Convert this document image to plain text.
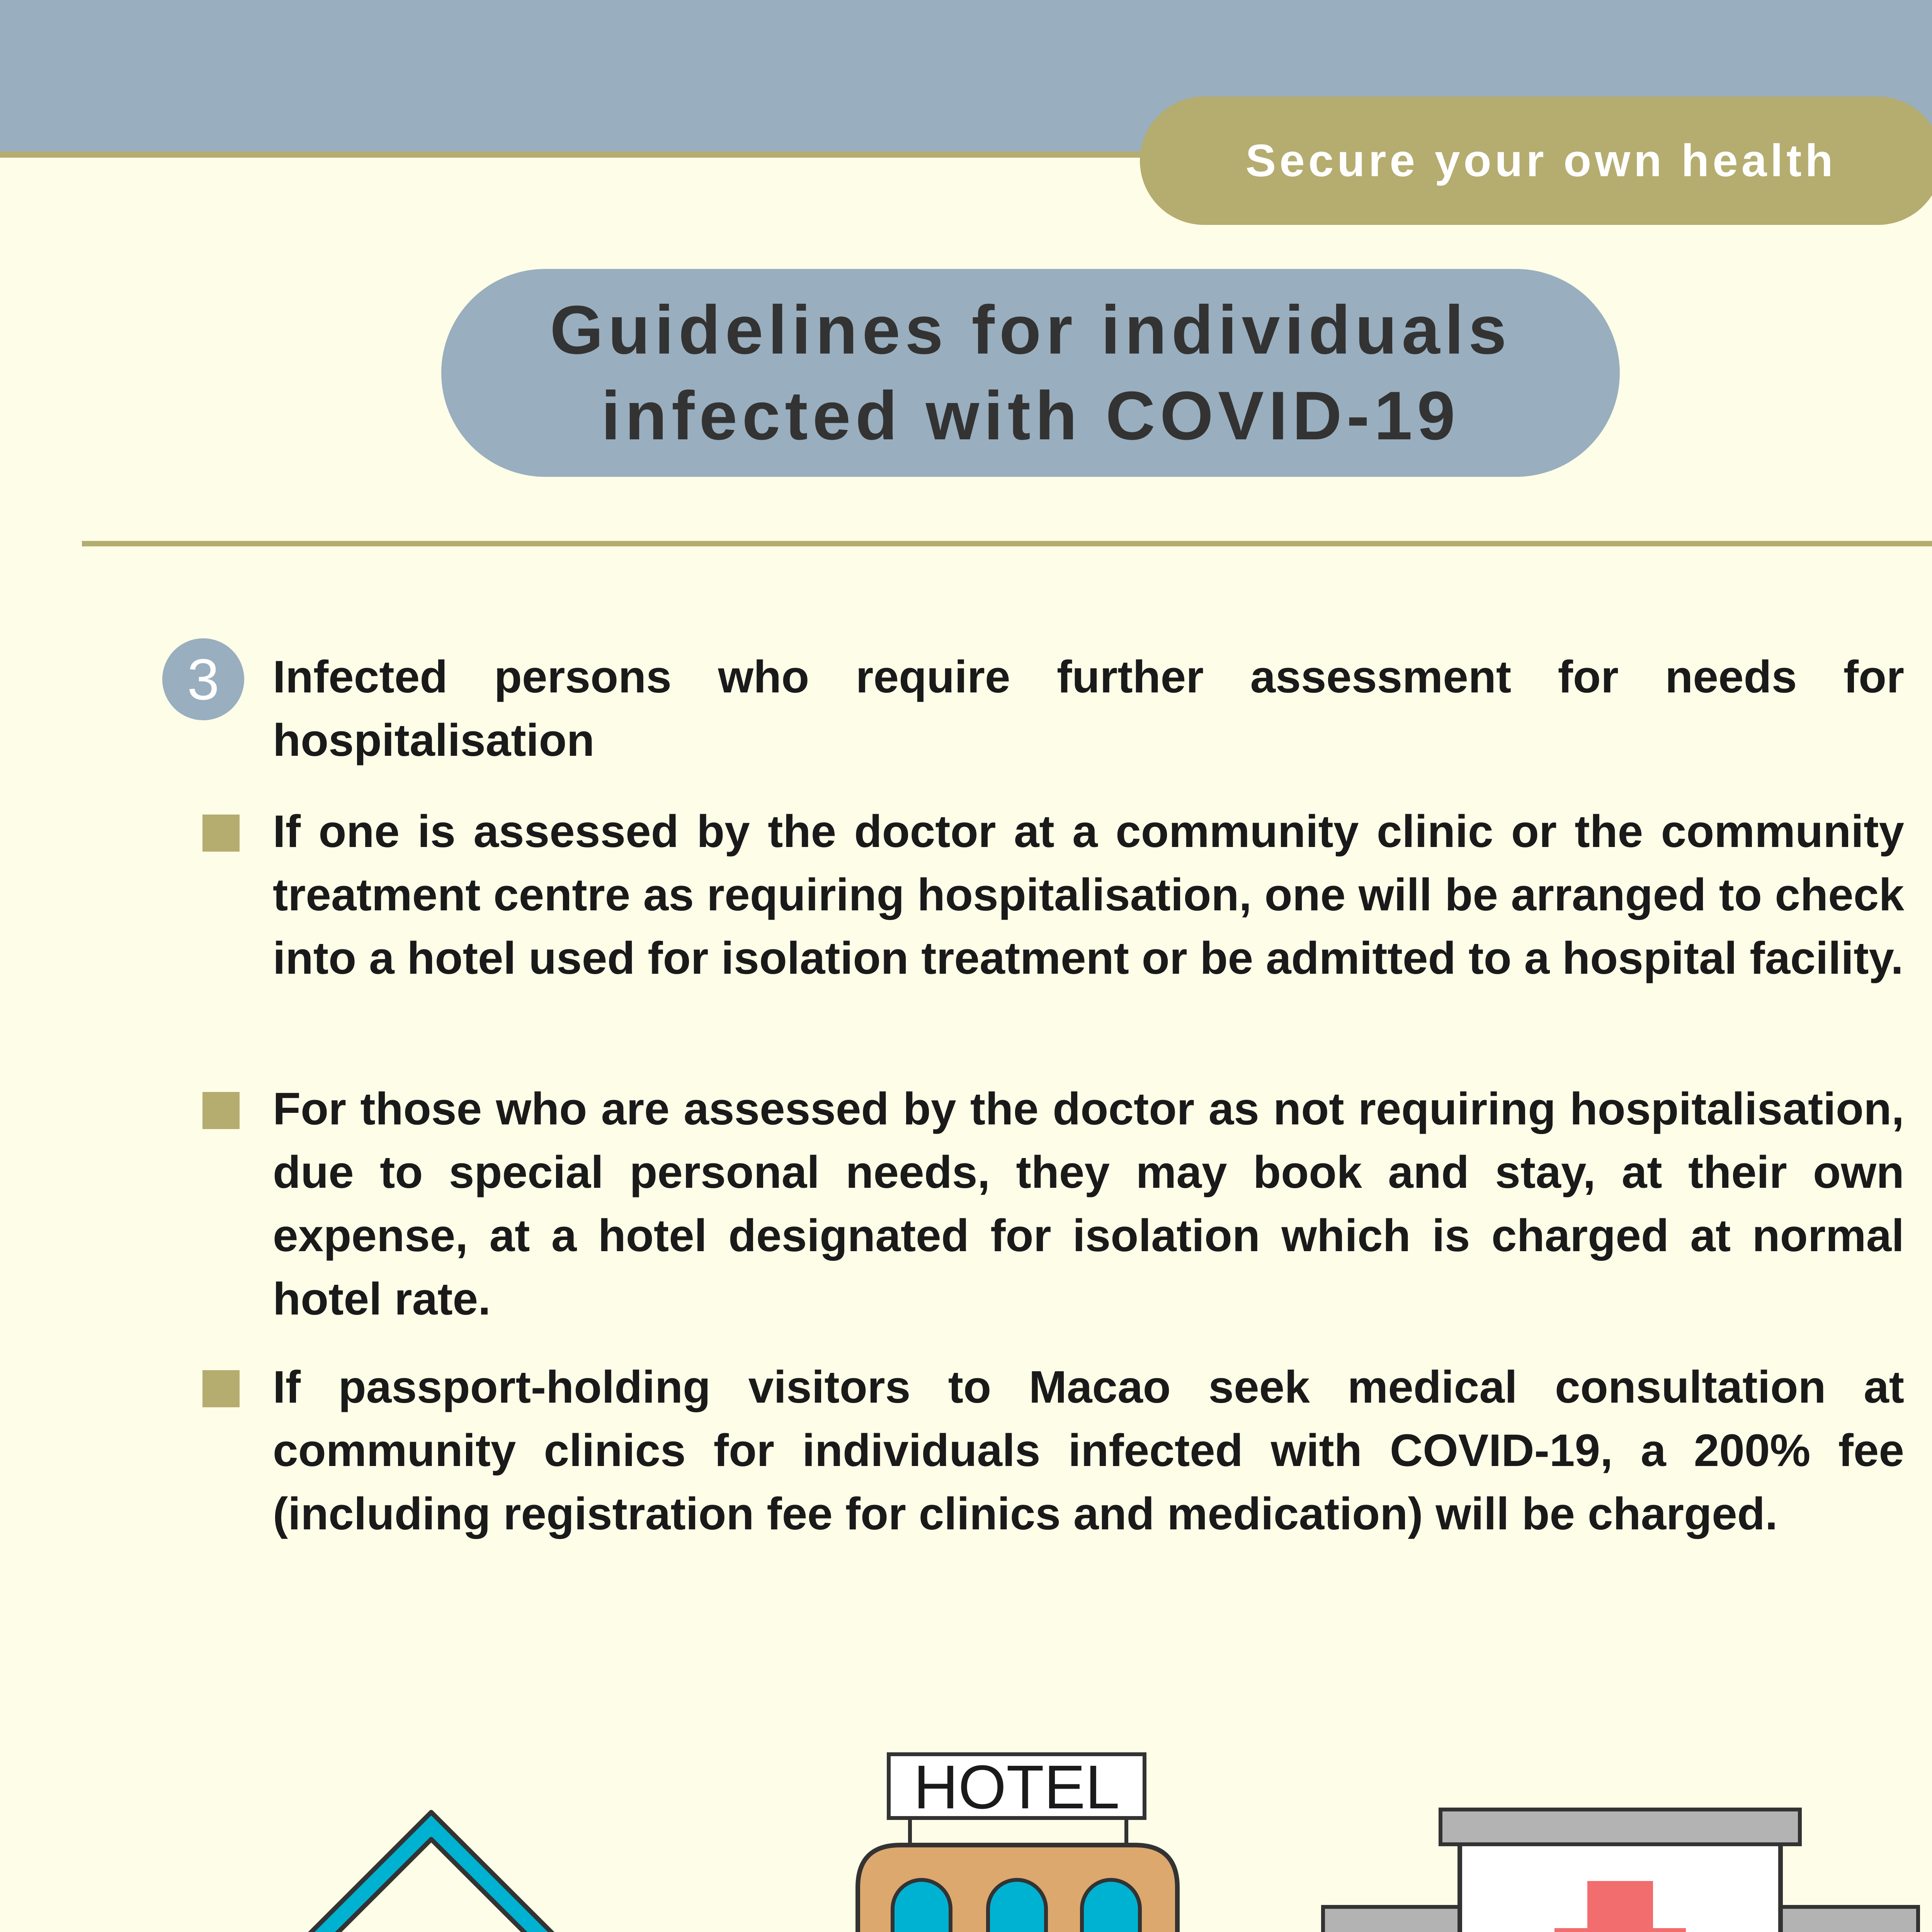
Secure your own health
Guidelines for individuals
infected with COVID-19
3 Infected persons who require further assessment for needs for hospitalisation

If one is assessed by the doctor at a community clinic or the community treatment centre as requiring hospitalisation, one will be arranged to check into a hotel used for isolation treatment or be admitted to a hospital facility.

For those who are assessed by the doctor as not requiring hospitalisation, due to special personal needs, they may book and stay, at their own expense, at a hotel designated for isolation which is charged at normal hotel rate.

If passport-holding visitors to Macao seek medical consultation at community clinics for individuals infected with COVID-19, a 200% fee (including registration fee for clinics and medication) will be charged.

HOTEL
